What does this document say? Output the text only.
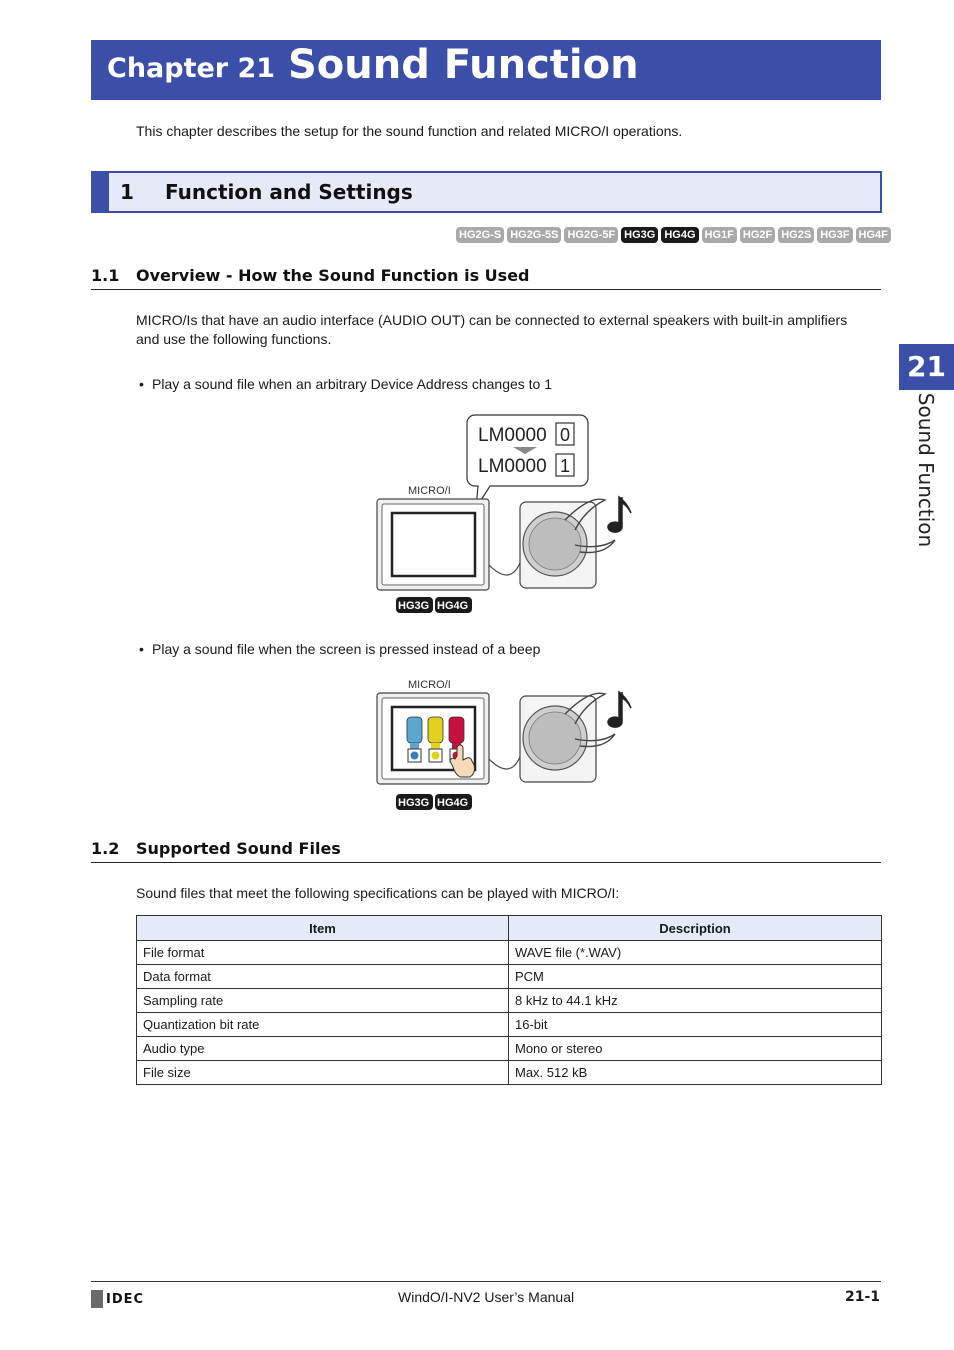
Chapter 21 Sound Function
This chapter describes the setup for the sound function and related MICRO/I operations.
1 Function and Settings
HG2G-S HG2G-5S HG2G-5F HG3G HG4G HG1F HG2F HG2S HG3F HG4F
1.1 Overview - How the Sound Function is Used
MICRO/Is that have an audio interface (AUDIO OUT) can be connected to external speakers with built-in amplifiers
and use the following functions.
• Play a sound file when an arbitrary Device Address changes to 1
LM0000 0
LM0000 1
MICRO/I
HG3G HG4G
• Play a sound file when the screen is pressed instead of a beep
MICRO/I
HG3G HG4G
1.2 Supported Sound Files
Sound files that meet the following specifications can be played with MICRO/I:
Item	Description
File format	WAVE file (*.WAV)
Data format	PCM
Sampling rate	8 kHz to 44.1 kHz
Quantization bit rate	16-bit
Audio type	Mono or stereo
File size	Max. 512 kB
21
Sound Function
IDEC	WindO/I-NV2 User’s Manual	21-1
